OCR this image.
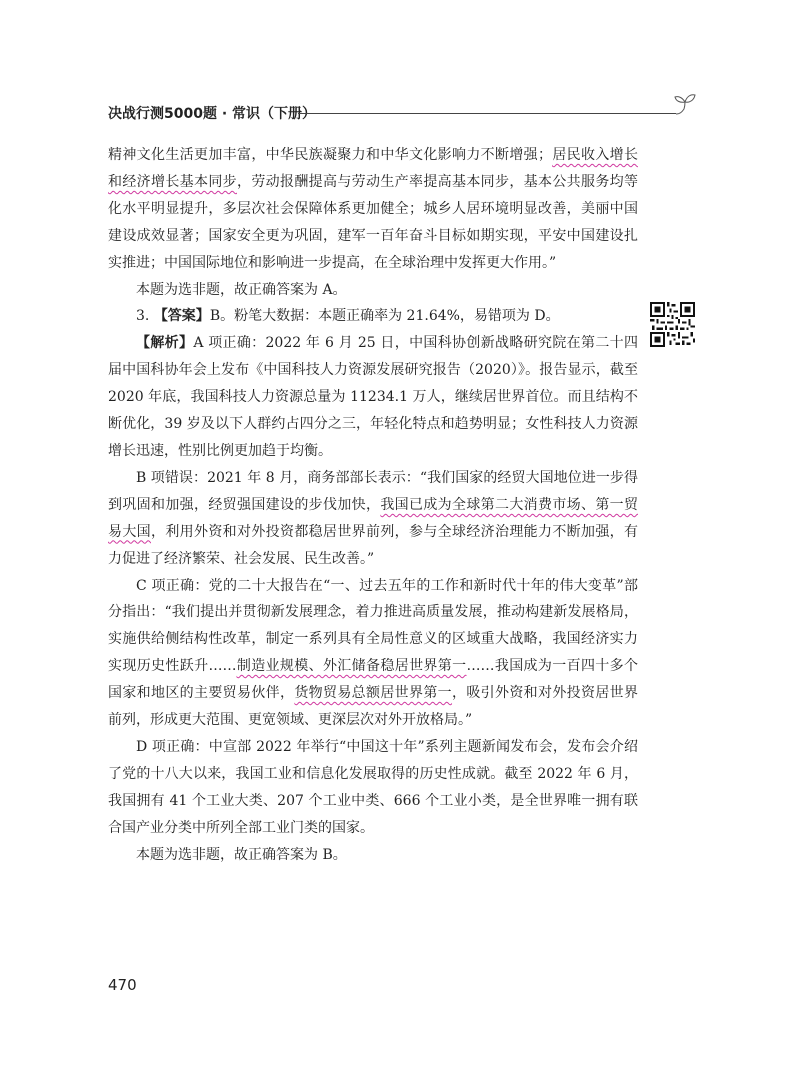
决战行测5000题 · 常识（下册）

精神文化生活更加丰富，中华民族凝聚力和中华文化影响力不断增强；居民收入增长和经济增长基本同步，劳动报酬提高与劳动生产率提高基本同步，基本公共服务均等化水平明显提升，多层次社会保障体系更加健全；城乡人居环境明显改善，美丽中国建设成效显著；国家安全更为巩固，建军一百年奋斗目标如期实现，平安中国建设扎实推进；中国国际地位和影响进一步提高，在全球治理中发挥更大作用。”

本题为选非题，故正确答案为 A。

3. 【答案】B。粉笔大数据：本题正确率为 21.64%，易错项为 D。

【解析】A 项正确：2022 年 6 月 25 日，中国科协创新战略研究院在第二十四届中国科协年会上发布《中国科技人力资源发展研究报告（2020）》。报告显示，截至 2020 年底，我国科技人力资源总量为 11234.1 万人，继续居世界首位。而且结构不断优化，39 岁及以下人群约占四分之三，年轻化特点和趋势明显；女性科技人力资源增长迅速，性别比例更加趋于均衡。

B 项错误：2021 年 8 月，商务部部长表示：“我们国家的经贸大国地位进一步得到巩固和加强，经贸强国建设的步伐加快，我国已成为全球第二大消费市场、第一贸易大国，利用外资和对外投资都稳居世界前列，参与全球经济治理能力不断加强，有力促进了经济繁荣、社会发展、民生改善。”

C 项正确：党的二十大报告在“一、过去五年的工作和新时代十年的伟大变革”部分指出：“我们提出并贯彻新发展理念，着力推进高质量发展，推动构建新发展格局，实施供给侧结构性改革，制定一系列具有全局性意义的区域重大战略，我国经济实力实现历史性跃升……制造业规模、外汇储备稳居世界第一……我国成为一百四十多个国家和地区的主要贸易伙伴，货物贸易总额居世界第一，吸引外资和对外投资居世界前列，形成更大范围、更宽领域、更深层次对外开放格局。”

D 项正确：中宣部 2022 年举行“中国这十年”系列主题新闻发布会，发布会介绍了党的十八大以来，我国工业和信息化发展取得的历史性成就。截至 2022 年 6 月，我国拥有 41 个工业大类、207 个工业中类、666 个工业小类，是全世界唯一拥有联合国产业分类中所列全部工业门类的国家。

本题为选非题，故正确答案为 B。

470
